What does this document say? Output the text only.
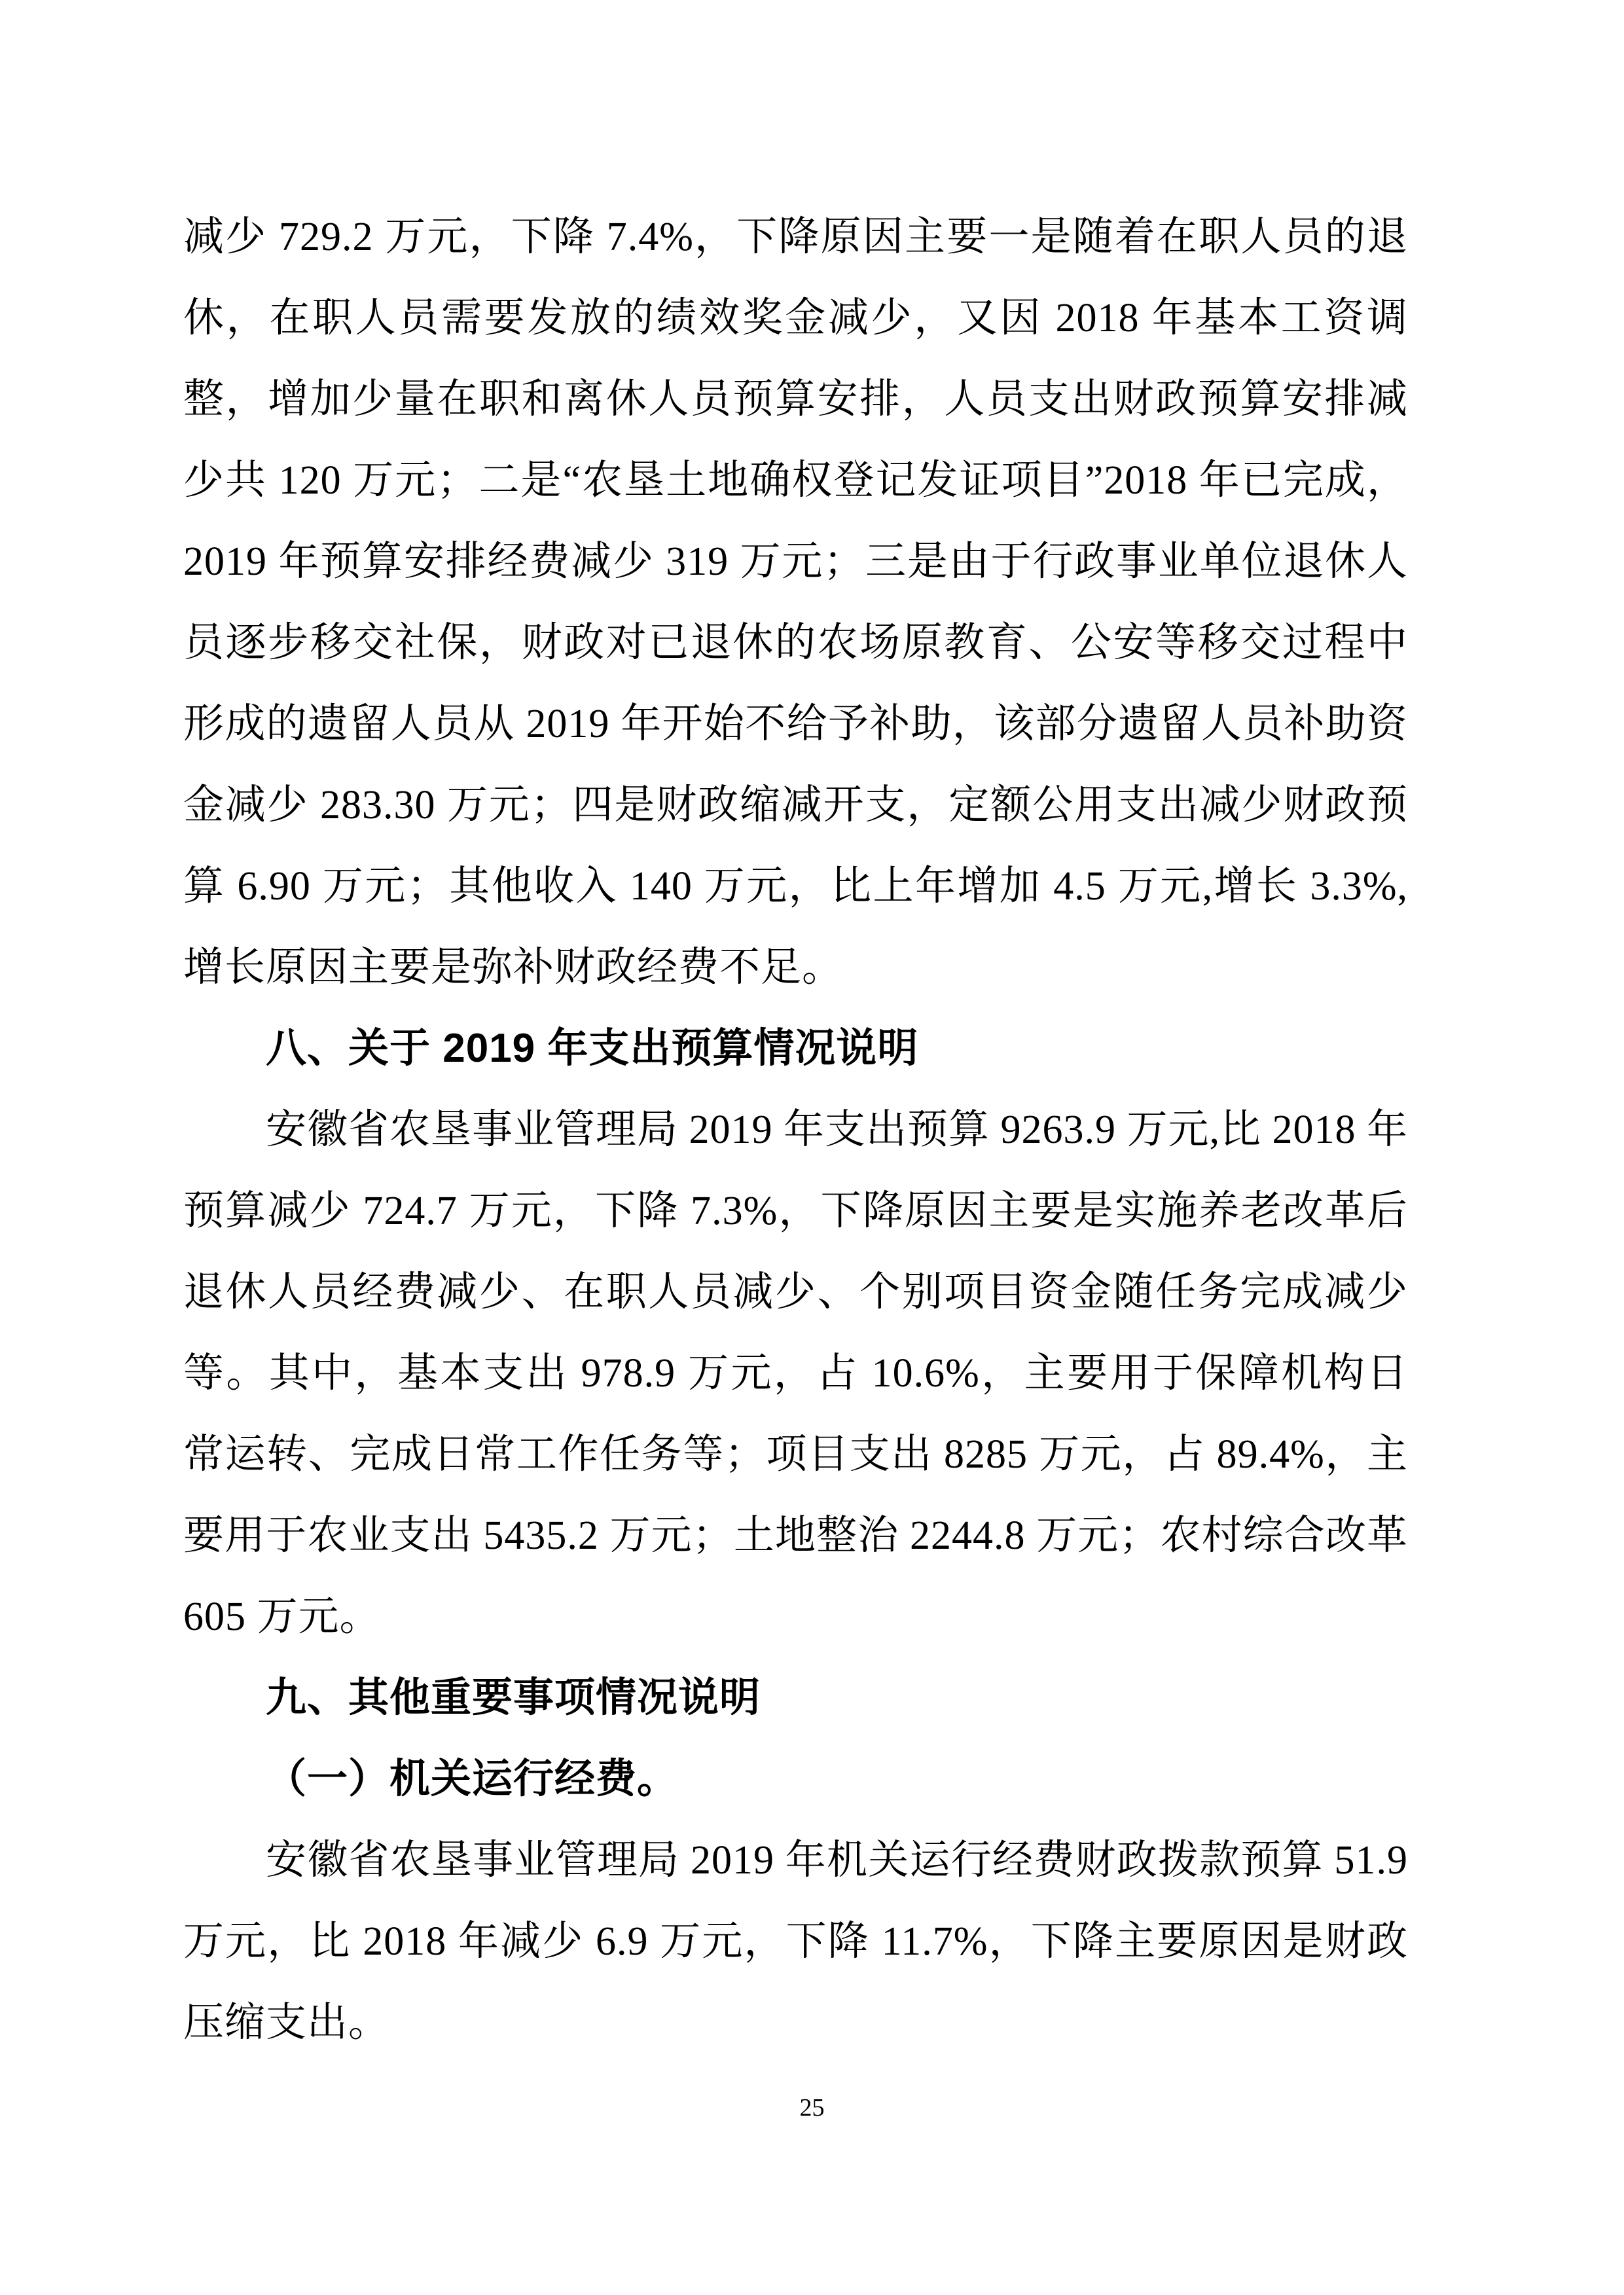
减少 729.2 万元，下降 7.4%，下降原因主要一是随着在职人员的退休，在职人员需要发放的绩效奖金减少，又因 2018 年基本工资调整，增加少量在职和离休人员预算安排，人员支出财政预算安排减少共 120 万元；二是“农垦土地确权登记发证项目”2018 年已完成，2019 年预算安排经费减少 319 万元；三是由于行政事业单位退休人员逐步移交社保，财政对已退休的农场原教育、公安等移交过程中形成的遗留人员从 2019 年开始不给予补助，该部分遗留人员补助资金减少 283.30 万元；四是财政缩减开支，定额公用支出减少财政预算 6.90 万元；其他收入 140 万元，比上年增加 4.5 万元,增长 3.3%,增长原因主要是弥补财政经费不足。

八、关于 2019 年支出预算情况说明

安徽省农垦事业管理局 2019 年支出预算 9263.9 万元,比 2018 年预算减少 724.7 万元，下降 7.3%，下降原因主要是实施养老改革后退休人员经费减少、在职人员减少、个别项目资金随任务完成减少等。其中，基本支出 978.9 万元，占 10.6%，主要用于保障机构日常运转、完成日常工作任务等；项目支出 8285 万元，占 89.4%，主要用于农业支出 5435.2 万元；土地整治 2244.8 万元；农村综合改革 605 万元。

九、其他重要事项情况说明
（一）机关运行经费。

安徽省农垦事业管理局 2019 年机关运行经费财政拨款预算 51.9 万元，比 2018 年减少 6.9 万元，下降 11.7%，下降主要原因是财政压缩支出。

25
